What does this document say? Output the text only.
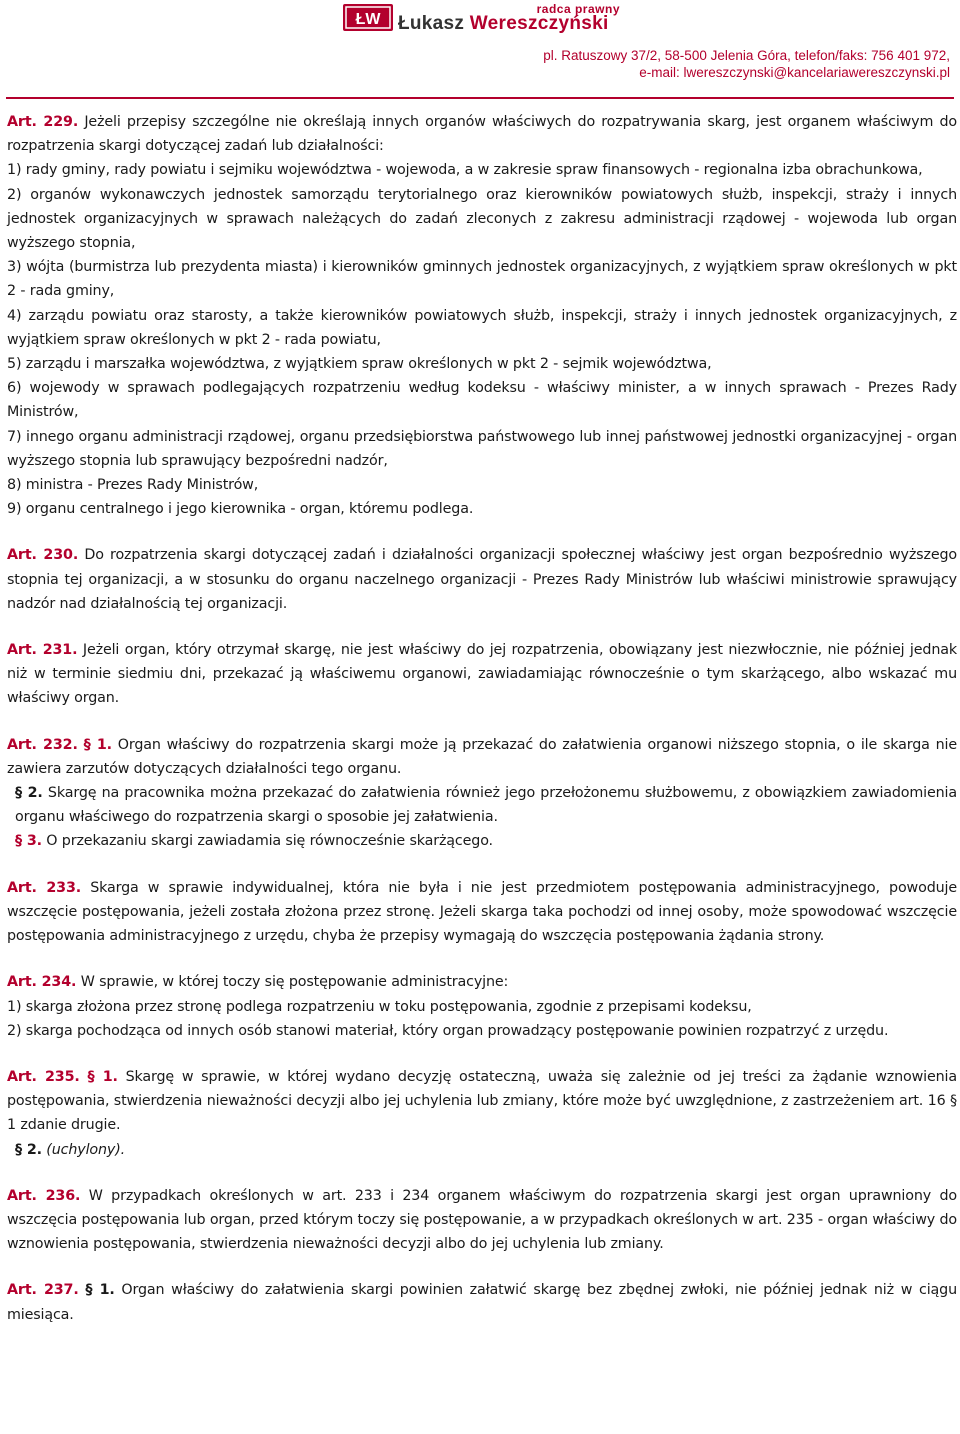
ŁW
radca prawny
Łukasz Wereszczyński
pl. Ratuszowy 37/2, 58-500 Jelenia Góra, telefon/faks: 756 401 972,
e-mail: lwereszczynski@kancelariawereszczynski.pl

Art. 229. Jeżeli przepisy szczególne nie określają innych organów właściwych do rozpatrywania skarg, jest organem właściwym do rozpatrzenia skargi dotyczącej zadań lub działalności:

1) rady gminy, rady powiatu i sejmiku województwa - wojewoda, a w zakresie spraw finansowych - regionalna izba obrachunkowa,

2) organów wykonawczych jednostek samorządu terytorialnego oraz kierowników powiatowych służb, inspekcji, straży i innych jednostek organizacyjnych w sprawach należących do zadań zleconych z zakresu administracji rządowej - wojewoda lub organ wyższego stopnia,

3) wójta (burmistrza lub prezydenta miasta) i kierowników gminnych jednostek organizacyjnych, z wyjątkiem spraw określonych w pkt 2 - rada gminy,

4) zarządu powiatu oraz starosty, a także kierowników powiatowych służb, inspekcji, straży i innych jednostek organizacyjnych, z wyjątkiem spraw określonych w pkt 2 - rada powiatu,

5) zarządu i marszałka województwa, z wyjątkiem spraw określonych w pkt 2 - sejmik województwa,

6) wojewody w sprawach podlegających rozpatrzeniu według kodeksu - właściwy minister, a w innych sprawach - Prezes Rady Ministrów,

7) innego organu administracji rządowej, organu przedsiębiorstwa państwowego lub innej państwowej jednostki organizacyjnej - organ wyższego stopnia lub sprawujący bezpośredni nadzór,

8) ministra - Prezes Rady Ministrów,

9) organu centralnego i jego kierownika - organ, któremu podlega.

Art. 230. Do rozpatrzenia skargi dotyczącej zadań i działalności organizacji społecznej właściwy jest organ bezpośrednio wyższego stopnia tej organizacji, a w stosunku do organu naczelnego organizacji - Prezes Rady Ministrów lub właściwi ministrowie sprawujący nadzór nad działalnością tej organizacji.

Art. 231. Jeżeli organ, który otrzymał skargę, nie jest właściwy do jej rozpatrzenia, obowiązany jest niezwłocznie, nie później jednak niż w terminie siedmiu dni, przekazać ją właściwemu organowi, zawiadamiając równocześnie o tym skarżącego, albo wskazać mu właściwy organ.

Art. 232. § 1. Organ właściwy do rozpatrzenia skargi może ją przekazać do załatwienia organowi niższego stopnia, o ile skarga nie zawiera zarzutów dotyczących działalności tego organu.

§ 2. Skargę na pracownika można przekazać do załatwienia również jego przełożonemu służbowemu, z obowiązkiem zawiadomienia organu właściwego do rozpatrzenia skargi o sposobie jej załatwienia.

§ 3. O przekazaniu skargi zawiadamia się równocześnie skarżącego.

Art. 233. Skarga w sprawie indywidualnej, która nie była i nie jest przedmiotem postępowania administracyjnego, powoduje wszczęcie postępowania, jeżeli została złożona przez stronę. Jeżeli skarga taka pochodzi od innej osoby, może spowodować wszczęcie postępowania administracyjnego z urzędu, chyba że przepisy wymagają do wszczęcia postępowania żądania strony.

Art. 234. W sprawie, w której toczy się postępowanie administracyjne:

1) skarga złożona przez stronę podlega rozpatrzeniu w toku postępowania, zgodnie z przepisami kodeksu,

2) skarga pochodząca od innych osób stanowi materiał, który organ prowadzący postępowanie powinien rozpatrzyć z urzędu.

Art. 235. § 1. Skargę w sprawie, w której wydano decyzję ostateczną, uważa się zależnie od jej treści za żądanie wznowienia postępowania, stwierdzenia nieważności decyzji albo jej uchylenia lub zmiany, które może być uwzględnione, z zastrzeżeniem art. 16 § 1 zdanie drugie.

§ 2. (uchylony).

Art. 236. W przypadkach określonych w art. 233 i 234 organem właściwym do rozpatrzenia skargi jest organ uprawniony do wszczęcia postępowania lub organ, przed którym toczy się postępowanie, a w przypadkach określonych w art. 235 - organ właściwy do wznowienia postępowania, stwierdzenia nieważności decyzji albo do jej uchylenia lub zmiany.

Art. 237. § 1. Organ właściwy do załatwienia skargi powinien załatwić skargę bez zbędnej zwłoki, nie później jednak niż w ciągu miesiąca.
